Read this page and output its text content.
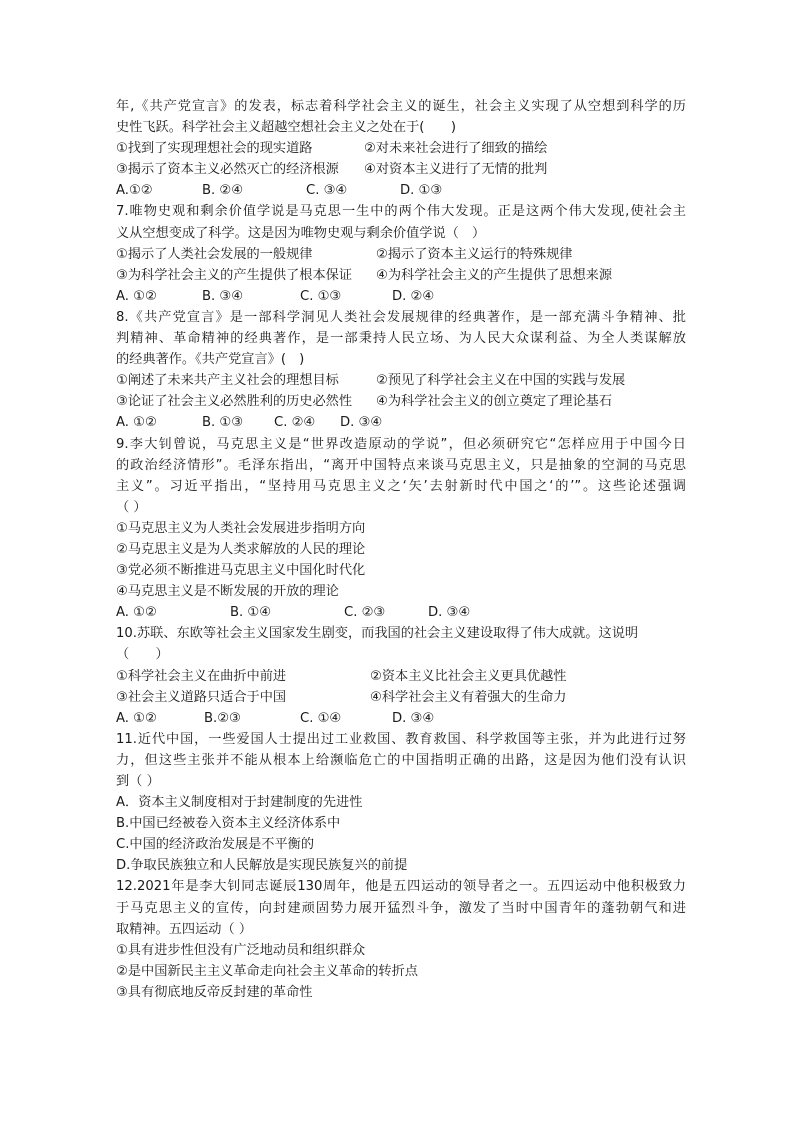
年,《共产党宣言》的发表，标志着科学社会主义的诞生，社会主义实现了从空想到科学的历
史性飞跃。科学社会主义超越空想社会主义之处在于(　　)
①找到了实现理想社会的现实道路	②对未来社会进行了细致的描绘
③揭示了资本主义必然灭亡的经济根源 ④对资本主义进行了无情的批判
A.①②	B. ②④	C. ③④	D. ①③
7.唯物史观和剩余价值学说是马克思一生中的两个伟大发现。正是这两个伟大发现,使社会主
义从空想变成了科学。这是因为唯物史观与剩余价值学说（　）
①揭示了人类社会发展的一般规律	②揭示了资本主义运行的特殊规律
③为科学社会主义的产生提供了根本保证 ④为科学社会主义的产生提供了思想来源
A. ①②	B. ③④	C. ①③	D. ②④
8.《共产党宣言》是一部科学洞见人类社会发展规律的经典著作，是一部充满斗争精神、批
判精神、革命精神的经典著作，是一部秉持人民立场、为人民大众谋利益、为全人类谋解放
的经典著作。《共产党宣言》(　)
①阐述了未来共产主义社会的理想目标	②预见了科学社会主义在中国的实践与发展
③论证了社会主义必然胜利的历史必然性 ④为科学社会主义的创立奠定了理论基石
A. ①②	B. ①③ C. ②④ D. ③④
9.李大钊曾说，马克思主义是“世界改造原动的学说”，但必须研究它“怎样应用于中国今日
的政治经济情形”。毛泽东指出，“离开中国特点来谈马克思主义，只是抽象的空洞的马克思
主义”。习近平指出，“坚持用马克思主义之‘矢’去射新时代中国之‘的’”。这些论述强调
（ ）
①马克思主义为人类社会发展进步指明方向
②马克思主义是为人类求解放的人民的理论
③党必须不断推进马克思主义中国化时代化
④马克思主义是不断发展的开放的理论
A. ①②	B. ①④	C. ②③	D. ③④
10.苏联、东欧等社会主义国家发生剧变，而我国的社会主义建设取得了伟大成就。这说明
（　　）
①科学社会主义在曲折中前进	②资本主义比社会主义更具优越性
③社会主义道路只适合于中国	④科学社会主义有着强大的生命力
A. ①②	B.②③	C. ①④	D. ③④
11.近代中国，一些爱国人士提出过工业救国、教育救国、科学救国等主张，并为此进行过努
力，但这些主张并不能从根本上给濒临危亡的中国指明正确的出路，这是因为他们没有认识
到（ ）
A．资本主义制度相对于封建制度的先进性
B.中国已经被卷入资本主义经济体系中
C.中国的经济政治发展是不平衡的
D.争取民族独立和人民解放是实现民族复兴的前提
12.2021年是李大钊同志诞辰130周年，他是五四运动的领导者之一。五四运动中他积极致力
于马克思主义的宣传，向封建顽固势力展开猛烈斗争，激发了当时中国青年的蓬勃朝气和进
取精神。五四运动（ ）
①具有进步性但没有广泛地动员和组织群众
②是中国新民主主义革命走向社会主义革命的转折点
③具有彻底地反帝反封建的革命性
